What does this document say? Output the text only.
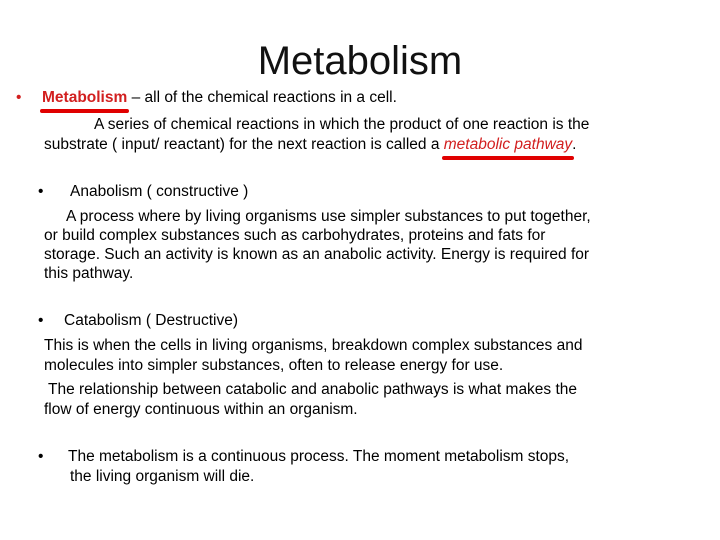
Metabolism
• Metabolism – all of the chemical reactions in a cell.
A series of chemical reactions in which the product of one reaction is the
substrate ( input/ reactant) for the next reaction is called a metabolic pathway.
• Anabolism ( constructive )
A process where by living organisms use simpler substances to put together,
or build complex substances such as carbohydrates, proteins and fats for
storage. Such an activity is known as an anabolic activity. Energy is required for
this pathway.
• Catabolism ( Destructive)
This is when the cells in living organisms, breakdown complex substances and
molecules into simpler substances, often to release energy for use.
The relationship between catabolic and anabolic pathways is what makes the
flow of energy continuous within an organism.
• The metabolism is a continuous process. The moment metabolism stops,
the living organism will die.
